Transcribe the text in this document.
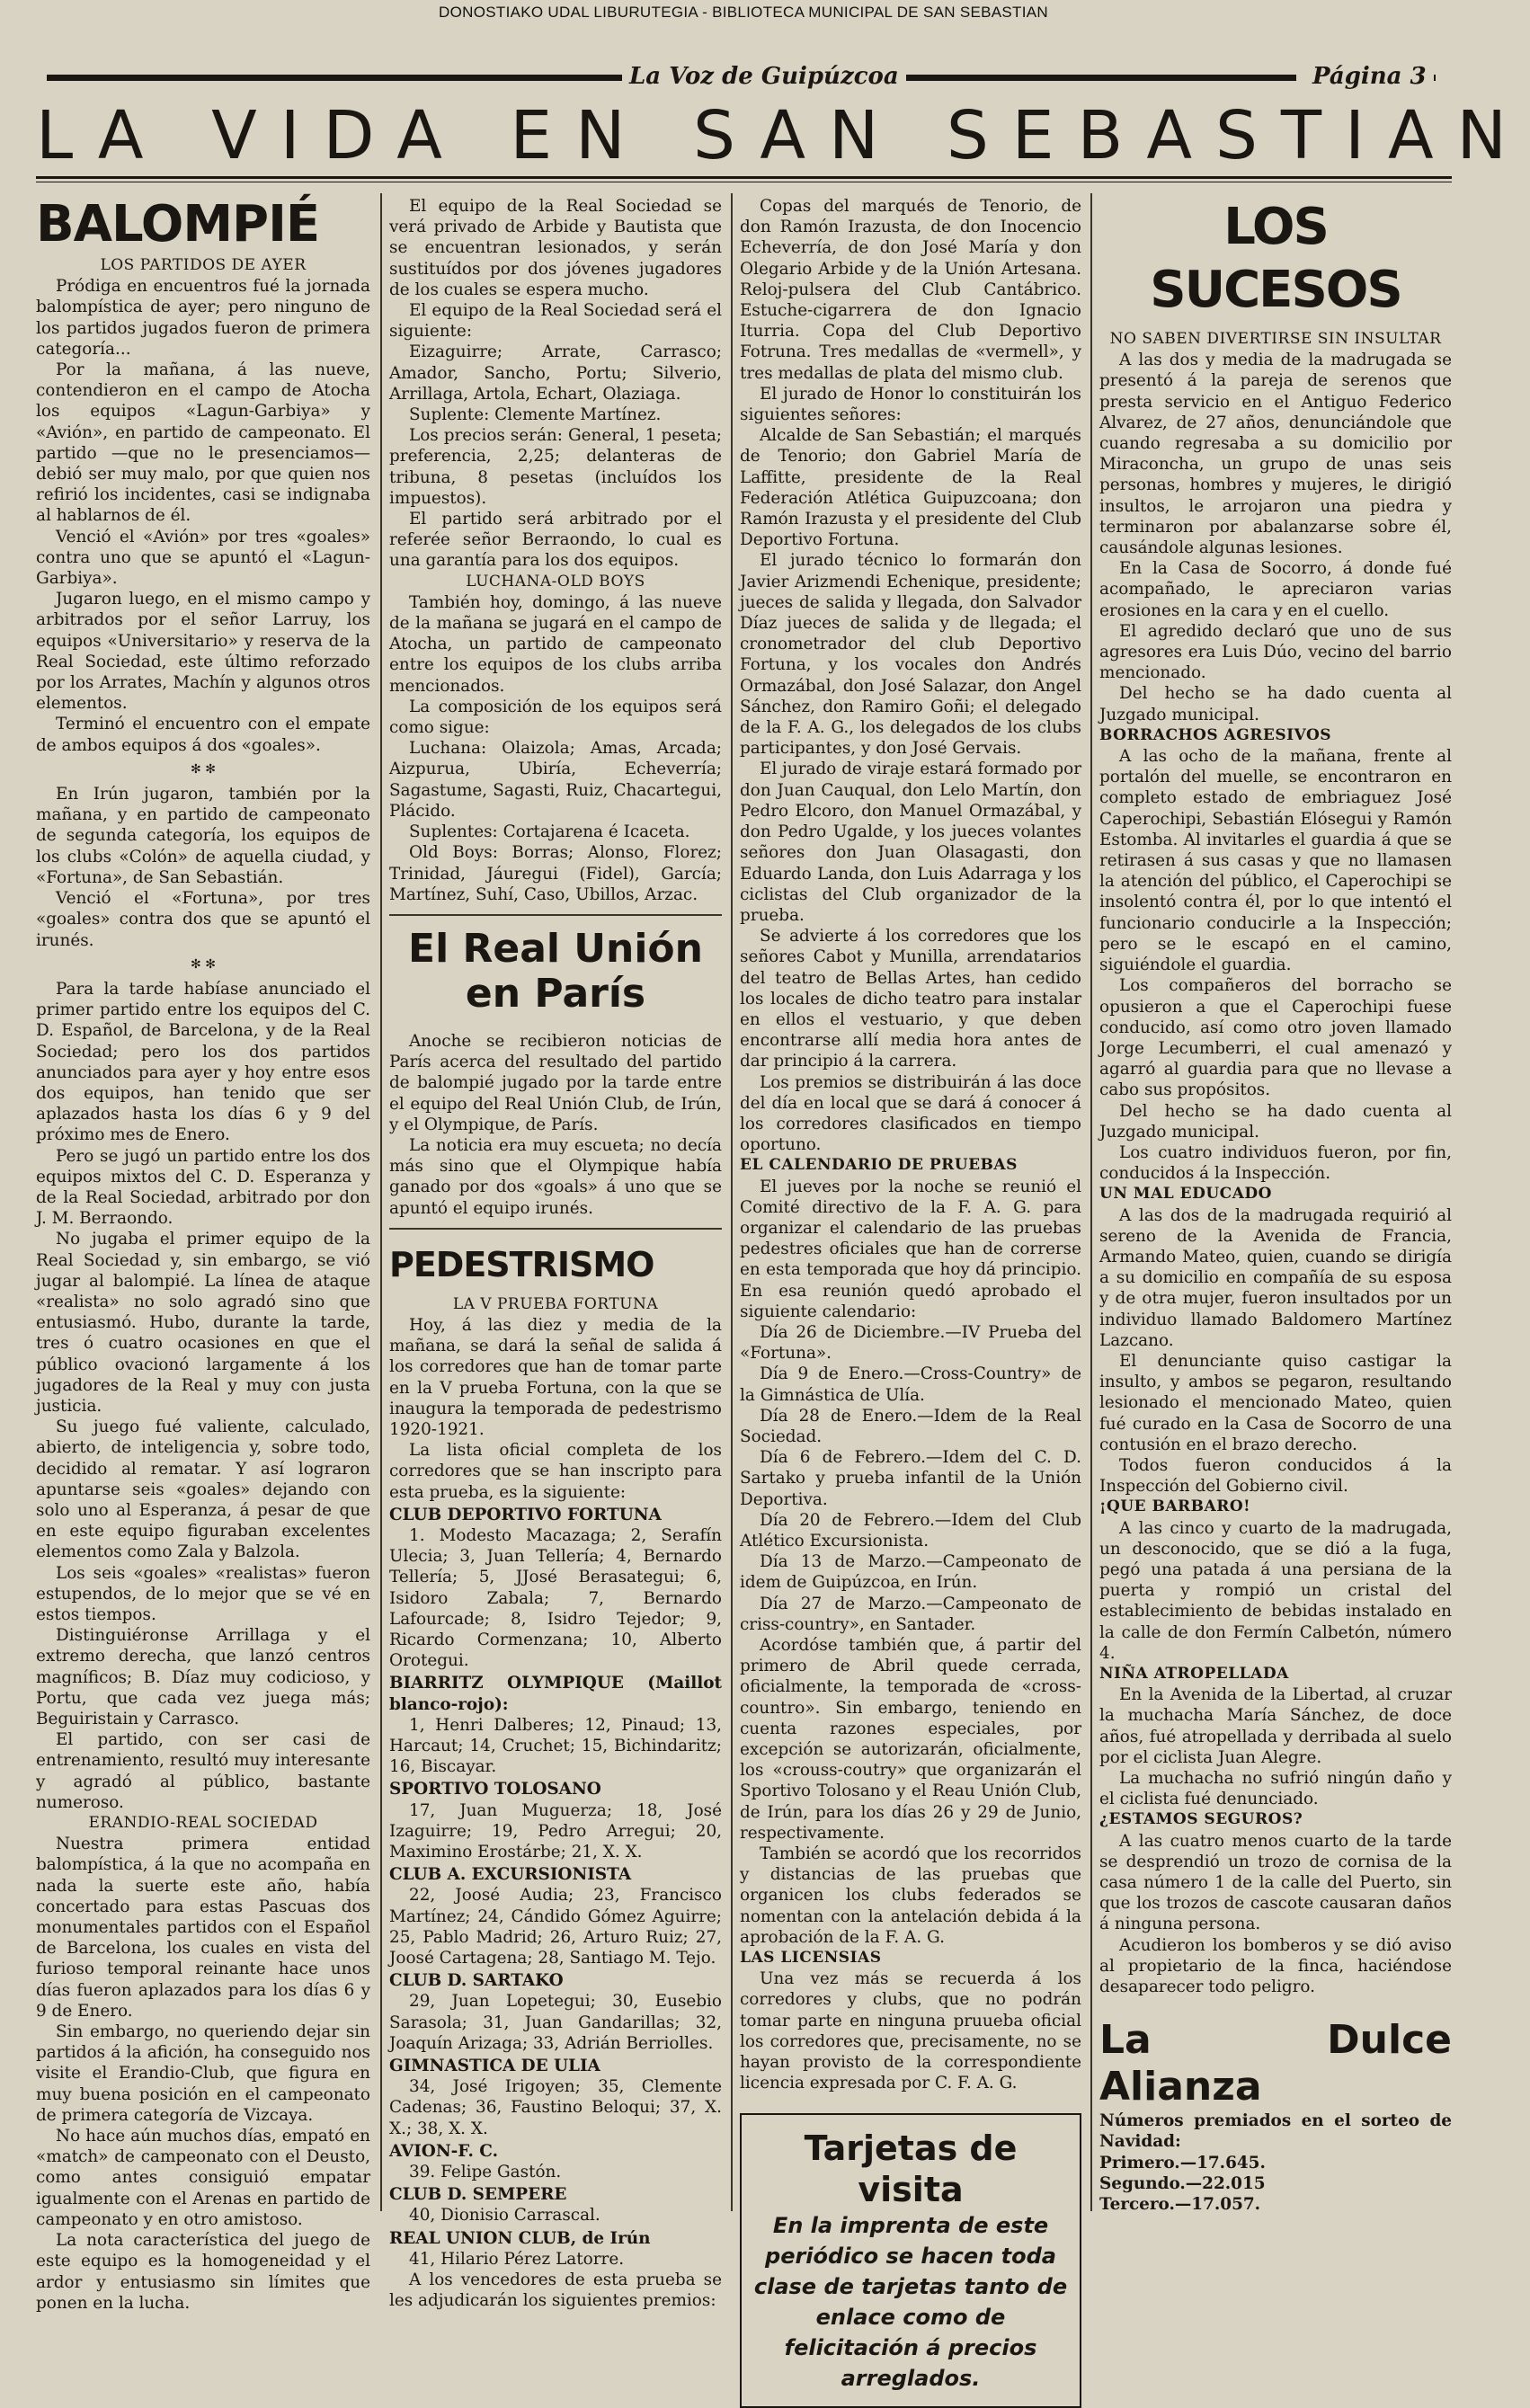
DONOSTIAKO UDAL LIBURUTEGIA - BIBLIOTECA MUNICIPAL DE SAN SEBASTIAN
La Voz de Guipúzcoa	Página 3
LA VIDA EN SAN SEBASTIAN
BALOMPIÉ

LOS PARTIDOS DE AYER

Pródiga en encuentros fué la jornada balompística de ayer; pero ninguno de los partidos jugados fueron de primera categoría...

Por la mañana, á las nueve, contendieron en el campo de Atocha los equipos «Lagun-Garbiya» y «Avión», en partido de campeonato. El partido —que no le presenciamos— debió ser muy malo, por que quien nos refirió los incidentes, casi se indignaba al hablarnos de él.

Venció el «Avión» por tres «goales» contra uno que se apuntó el «Lagun-Garbiya».

Jugaron luego, en el mismo campo y arbitrados por el señor Larruy, los equipos «Universitario» y reserva de la Real Sociedad, este último reforzado por los Arrates, Machín y algunos otros elementos.

Terminó el encuentro con el empate de ambos equipos á dos «goales».

✻ ✻

En Irún jugaron, también por la mañana, y en partido de campeonato de segunda categoría, los equipos de los clubs «Colón» de aquella ciudad, y «Fortuna», de San Sebastián.

Venció el «Fortuna», por tres «goales» contra dos que se apuntó el irunés.

✻ ✻

Para la tarde habíase anunciado el primer partido entre los equipos del C. D. Español, de Barcelona, y de la Real Sociedad; pero los dos partidos anunciados para ayer y hoy entre esos dos equipos, han tenido que ser aplazados hasta los días 6 y 9 del próximo mes de Enero.

Pero se jugó un partido entre los dos equipos mixtos del C. D. Esperanza y de la Real Sociedad, arbitrado por don J. M. Berraondo.

No jugaba el primer equipo de la Real Sociedad y, sin embargo, se vió jugar al balompié. La línea de ataque «realista» no solo agradó sino que entusiasmó. Hubo, durante la tarde, tres ó cuatro ocasiones en que el público ovacionó largamente á los jugadores de la Real y muy con justa justicia.

Su juego fué valiente, calculado, abierto, de inteligencia y, sobre todo, decidido al rematar. Y así lograron apuntarse seis «goales» dejando con solo uno al Esperanza, á pesar de que en este equipo figuraban excelentes elementos como Zala y Balzola.

Los seis «goales» «realistas» fueron estupendos, de lo mejor que se vé en estos tiempos.

Distinguiéronse Arrillaga y el extremo derecha, que lanzó centros magníficos; B. Díaz muy codicioso, y Portu, que cada vez juega más; Beguiristain y Carrasco.

El partido, con ser casi de entrenamiento, resultó muy interesante y agradó al público, bastante numeroso.

ERANDIO-REAL SOCIEDAD

Nuestra primera entidad balompística, á la que no acompaña en nada la suerte este año, había concertado para estas Pascuas dos monumentales partidos con el Español de Barcelona, los cuales en vista del furioso temporal reinante hace unos días fueron aplazados para los días 6 y 9 de Enero.

Sin embargo, no queriendo dejar sin partidos á la afición, ha conseguido nos visite el Erandio-Club, que figura en muy buena posición en el campeonato de primera categoría de Vizcaya.

No hace aún muchos días, empató en «match» de campeonato con el Deusto, como antes consiguió empatar igualmente con el Arenas en partido de campeonato y en otro amistoso.

La nota característica del juego de este equipo es la homogeneidad y el ardor y entusiasmo sin límites que ponen en la lucha.

El equipo de la Real Sociedad se verá privado de Arbide y Bautista que se encuentran lesionados, y serán sustituídos por dos jóvenes jugadores de los cuales se espera mucho.

El equipo de la Real Sociedad será el siguiente:

Eizaguirre; Arrate, Carrasco; Amador, Sancho, Portu; Silverio, Arrillaga, Artola, Echart, Olaziaga.

Suplente: Clemente Martínez.

Los precios serán: General, 1 peseta; preferencia, 2,25; delanteras de tribuna, 8 pesetas (incluídos los impuestos).

El partido será arbitrado por el referée señor Berraondo, lo cual es una garantía para los dos equipos.

LUCHANA-OLD BOYS

También hoy, domingo, á las nueve de la mañana se jugará en el campo de Atocha, un partido de campeonato entre los equipos de los clubs arriba mencionados.

La composición de los equipos será como sigue:

Luchana: Olaizola; Amas, Arcada; Aizpurua, Ubiría, Echeverría; Sagastume, Sagasti, Ruiz, Chacartegui, Plácido.

Suplentes: Cortajarena é Icaceta.

Old Boys: Borras; Alonso, Florez; Trinidad, Jáuregui (Fidel), García; Martínez, Suhí, Caso, Ubillos, Arzac.

El Real Unión en París

Anoche se recibieron noticias de París acerca del resultado del partido de balompié jugado por la tarde entre el equipo del Real Unión Club, de Irún, y el Olympique, de París.

La noticia era muy escueta; no decía más sino que el Olympique había ganado por dos «goals» á uno que se apuntó el equipo irunés.

PEDESTRISMO

LA V PRUEBA FORTUNA

Hoy, á las diez y media de la mañana, se dará la señal de salida á los corredores que han de tomar parte en la V prueba Fortuna, con la que se inaugura la temporada de pedestrismo 1920-1921.

La lista oficial completa de los corredores que se han inscripto para esta prueba, es la siguiente:

CLUB DEPORTIVO FORTUNA

1. Modesto Macazaga; 2, Serafín Ulecia; 3, Juan Tellería; 4, Bernardo Tellería; 5, JJosé Berasategui; 6, Isidoro Zabala; 7, Bernardo Lafourcade; 8, Isidro Tejedor; 9, Ricardo Cormenzana; 10, Alberto Orotegui.

BIARRITZ OLYMPIQUE (Maillot blanco-rojo):

1, Henri Dalberes; 12, Pinaud; 13, Harcaut; 14, Cruchet; 15, Bichindaritz; 16, Biscayar.

SPORTIVO TOLOSANO

17, Juan Muguerza; 18, José Izaguirre; 19, Pedro Arregui; 20, Maximino Erostárbe; 21, X. X.

CLUB A. EXCURSIONISTA

22, Joosé Audia; 23, Francisco Martínez; 24, Cándido Gómez Aguirre; 25, Pablo Madrid; 26, Arturo Ruiz; 27, Joosé Cartagena; 28, Santiago M. Tejo.

CLUB D. SARTAKO

29, Juan Lopetegui; 30, Eusebio Sarasola; 31, Juan Gandarillas; 32, Joaquín Arizaga; 33, Adrián Berriolles.

GIMNASTICA DE ULIA

34, José Irigoyen; 35, Clemente Cadenas; 36, Faustino Beloqui; 37, X. X.; 38, X. X.

AVION-F. C.

39. Felipe Gastón.

CLUB D. SEMPERE

40, Dionisio Carrascal.

REAL UNION CLUB, de Irún

41, Hilario Pérez Latorre.

A los vencedores de esta prueba se les adjudicarán los siguientes premios:

Copas del marqués de Tenorio, de don Ramón Irazusta, de don Inocencio Echeverría, de don José María y don Olegario Arbide y de la Unión Artesana. Reloj-pulsera del Club Cantábrico. Estuche-cigarrera de don Ignacio Iturria. Copa del Club Deportivo Fotruna. Tres medallas de «vermell», y tres medallas de plata del mismo club.

El jurado de Honor lo constituirán los siguientes señores:

Alcalde de San Sebastián; el marqués de Tenorio; don Gabriel María de Laffitte, presidente de la Real Federación Atlética Guipuzcoana; don Ramón Irazusta y el presidente del Club Deportivo Fortuna.

El jurado técnico lo formarán don Javier Arizmendi Echenique, presidente; jueces de salida y llegada, don Salvador Díaz jueces de salida y de llegada; el cronometrador del club Deportivo Fortuna, y los vocales don Andrés Ormazábal, don José Salazar, don Angel Sánchez, don Ramiro Goñi; el delegado de la F. A. G., los delegados de los clubs participantes, y don José Gervais.

El jurado de viraje estará formado por don Juan Cauqual, don Lelo Martín, don Pedro Elcoro, don Manuel Ormazábal, y don Pedro Ugalde, y los jueces volantes señores don Juan Olasagasti, don Eduardo Landa, don Luis Adarraga y los ciclistas del Club organizador de la prueba.

Se advierte á los corredores que los señores Cabot y Munilla, arrendatarios del teatro de Bellas Artes, han cedido los locales de dicho teatro para instalar en ellos el vestuario, y que deben encontrarse allí media hora antes de dar principio á la carrera.

Los premios se distribuirán á las doce del día en local que se dará á conocer á los corredores clasificados en tiempo oportuno.

EL CALENDARIO DE PRUEBAS

El jueves por la noche se reunió el Comité directivo de la F. A. G. para organizar el calendario de las pruebas pedestres oficiales que han de correrse en esta temporada que hoy dá principio. En esa reunión quedó aprobado el siguiente calendario:

Día 26 de Diciembre.—IV Prueba del «Fortuna».

Día 9 de Enero.—Cross-Country» de la Gimnástica de Ulía.

Día 28 de Enero.—Idem de la Real Sociedad.

Día 6 de Febrero.—Idem del C. D. Sartako y prueba infantil de la Unión Deportiva.

Día 20 de Febrero.—Idem del Club Atlético Excursionista.

Día 13 de Marzo.—Campeonato de idem de Guipúzcoa, en Irún.

Día 27 de Marzo.—Campeonato de criss-country», en Santader.

Acordóse también que, á partir del primero de Abril quede cerrada, oficialmente, la temporada de «cross-countro». Sin embargo, teniendo en cuenta razones especiales, por excepción se autorizarán, oficialmente, los «crouss-coutry» que organizarán el Sportivo Tolosano y el Reau Unión Club, de Irún, para los días 26 y 29 de Junio, respectivamente.

También se acordó que los recorridos y distancias de las pruebas que organicen los clubs federados se nomentan con la antelación debida á la aprobación de la F. A. G.

LAS LICENSIAS

Una vez más se recuerda á los corredores y clubs, que no podrán tomar parte en ninguna pruueba oficial los corredores que, precisamente, no se hayan provisto de la correspondiente licencia expresada por C. F. A. G.

Tarjetas de visita
En la imprenta de este periódico se hacen toda clase de tarjetas tanto de enlace como de felicitación á precios arreglados.
LOS SUCESOS

NO SABEN DIVERTIRSE SIN INSULTAR

A las dos y media de la madrugada se presentó á la pareja de serenos que presta servicio en el Antiguo Federico Alvarez, de 27 años, denunciándole que cuando regresaba a su domicilio por Miraconcha, un grupo de unas seis personas, hombres y mujeres, le dirigió insultos, le arrojaron una piedra y terminaron por abalanzarse sobre él, causándole algunas lesiones.

En la Casa de Socorro, á donde fué acompañado, le apreciaron varias erosiones en la cara y en el cuello.

El agredido declaró que uno de sus agresores era Luis Dúo, vecino del barrio mencionado.

Del hecho se ha dado cuenta al Juzgado municipal.

BORRACHOS AGRESIVOS

A las ocho de la mañana, frente al portalón del muelle, se encontraron en completo estado de embriaguez José Caperochipi, Sebastián Elósegui y Ramón Estomba. Al invitarles el guardia á que se retirasen á sus casas y que no llamasen la atención del público, el Caperochipi se insolentó contra él, por lo que intentó el funcionario conducirle a la Inspección; pero se le escapó en el camino, siguiéndole el guardia.

Los compañeros del borracho se opusieron a que el Caperochipi fuese conducido, así como otro joven llamado Jorge Lecumberri, el cual amenazó y agarró al guardia para que no llevase a cabo sus propósitos.

Del hecho se ha dado cuenta al Juzgado municipal.

Los cuatro individuos fueron, por fin, conducidos á la Inspección.

UN MAL EDUCADO

A las dos de la madrugada requirió al sereno de la Avenida de Francia, Armando Mateo, quien, cuando se dirigía a su domicilio en compañía de su esposa y de otra mujer, fueron insultados por un individuo llamado Baldomero Martínez Lazcano.

El denunciante quiso castigar la insulto, y ambos se pegaron, resultando lesionado el mencionado Mateo, quien fué curado en la Casa de Socorro de una contusión en el brazo derecho.

Todos fueron conducidos á la Inspección del Gobierno civil.

¡QUE BARBARO!

A las cinco y cuarto de la madrugada, un desconocido, que se dió a la fuga, pegó una patada á una persiana de la puerta y rompió un cristal del establecimiento de bebidas instalado en la calle de don Fermín Calbetón, número 4.

NIÑA ATROPELLADA

En la Avenida de la Libertad, al cruzar la muchacha María Sánchez, de doce años, fué atropellada y derribada al suelo por el ciclista Juan Alegre.

La muchacha no sufrió ningún daño y el ciclista fué denunciado.

¿ESTAMOS SEGUROS?

A las cuatro menos cuarto de la tarde se desprendió un trozo de cornisa de la casa número 1 de la calle del Puerto, sin que los trozos de cascote causaran daños á ninguna persona.

Acudieron los bomberos y se dió aviso al propietario de la finca, haciéndose desaparecer todo peligro.

La Dulce Alianza

Números premiados en el sorteo de Navidad:

Primero.—17.645.

Segundo.—22.015

Tercero.—17.057.
